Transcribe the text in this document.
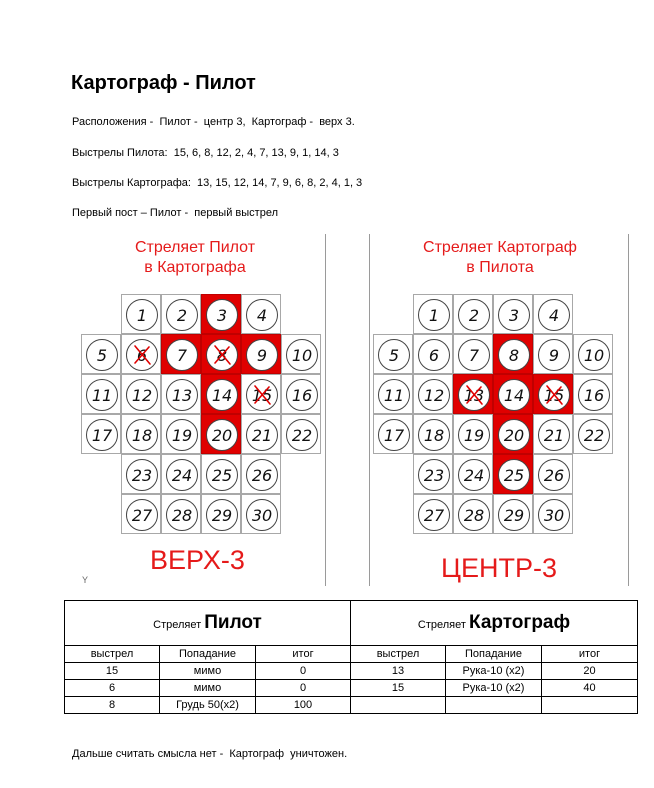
Картограф - Пилот
Расположения -  Пилот -  центр 3,  Картограф -  верх 3.
Выстрелы Пилота:  15, 6, 8, 12, 2, 4, 7, 13, 9, 1, 14, 3
Выстрелы Картографа:  13, 15, 12, 14, 7, 9, 6, 8, 2, 4, 1, 3
Первый пост – Пилот -  первый выстрел
Стреляет Пилот
в Картографа
1	2	3	4
5	6	7	8	9	10
11	12	13	14	15	16
17	18	19	20	21	22
23	24	25	26
27	28	29	30
ВЕРХ-3
Y
Стреляет Картограф
в Пилота
1	2	3	4
5	6	7	8	9	10
11	12	13	14	15	16
17	18	19	20	21	22
23	24	25	26
27	28	29	30
ЦЕНТР-3
Стреляет Пилот			Стреляет Картограф		
выстрел	Попадание	итог	выстрел	Попадание	итог
15	мимо	0	13	Рука-10 (x2)	20
6	мимо	0	15	Рука-10 (x2)	40
8	Грудь 50(x2)	100			
Дальше считать смысла нет -  Картограф  уничтожен.
